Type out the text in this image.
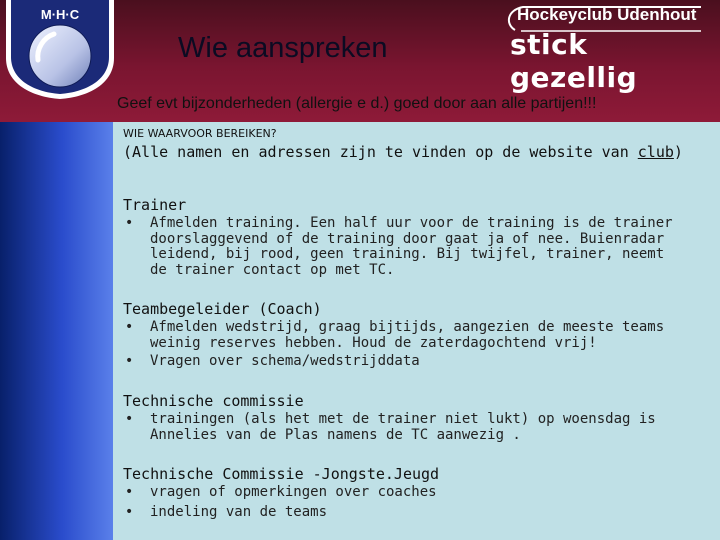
M·H·C
Wie aanspreken
Hockeyclub Udenhout
stick gezellig
Geef evt bijzonderheden (allergie e d.) goed door aan alle partijen!!!
WIE WAARVOOR BEREIKEN?
(Alle namen en adressen zijn te vinden op de website van club)
Trainer
• Afmelden training. Een half uur voor de training is de trainer doorslaggevend of de training door gaat ja of nee. Buienradar leidend, bij rood, geen training. Bij twijfel, trainer, neemt de trainer contact op met TC.
Teambegeleider (Coach)
• Afmelden wedstrijd, graag bijtijds, aangezien de meeste teams weinig reserves hebben. Houd de zaterdagochtend vrij!
• Vragen over schema/wedstrijddata
Technische commissie
• trainingen (als het met de trainer niet lukt) op woensdag is Annelies van de Plas namens de TC aanwezig .
Technische Commissie -Jongste.Jeugd
• vragen of opmerkingen over coaches
• indeling van de teams
